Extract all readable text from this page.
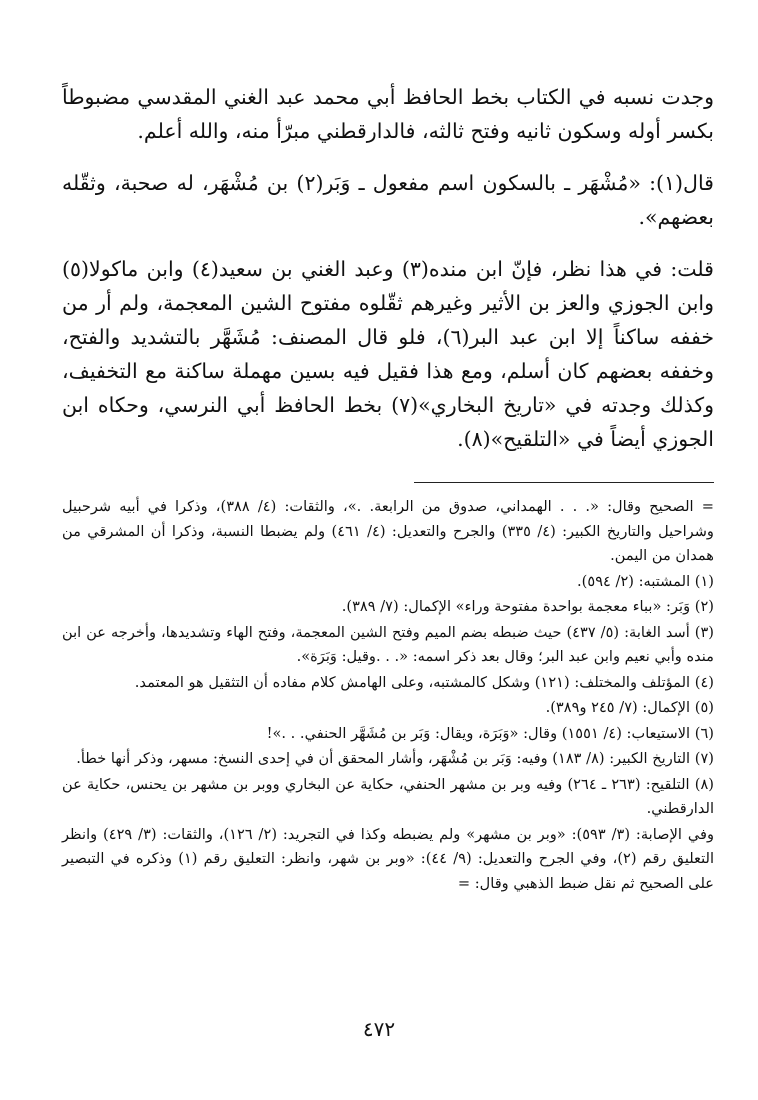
وجدت نسبه في الكتاب بخط الحافظ أبي محمد عبد الغني المقدسي مضبوطاً بكسر أوله وسكون ثانيه وفتح ثالثه، فالدارقطني مبرّأ منه، والله أعلم.

قال(١): «مُشْهَر ـ بالسكون اسم مفعول ـ وَبَر(٢) بن مُشْهَر، له صحبة، وثقّله بعضهم».

قلت: في هذا نظر، فإنّ ابن منده(٣) وعبد الغني بن سعيد(٤) وابن ماكولا(٥) وابن الجوزي والعز بن الأثير وغيرهم ثقّلوه مفتوح الشين المعجمة، ولم أر من خففه ساكناً إلا ابن عبد البر(٦)، فلو قال المصنف: مُشَهَّر بالتشديد والفتح، وخففه بعضهم كان أسلم، ومع هذا فقيل فيه بسين مهملة ساكنة مع التخفيف، وكذلك وجدته في «تاريخ البخاري»(٧) بخط الحافظ أبي النرسي، وحكاه ابن الجوزي أيضاً في «التلقيح»(٨).

= الصحيح وقال: «. . . الهمداني، صدوق من الرابعة. .»، والثقات: (٤/ ٣٨٨)، وذكرا في أبيه شرحبيل وشراحيل والتاريخ الكبير: (٤/ ٣٣٥) والجرح والتعديل: (٤/ ٤٦١) ولم يضبطا النسبة، وذكرا أن المشرقي من همدان من اليمن.

(١) المشتبه: (٢/ ٥٩٤).

(٢) وَبَر: «بباء معجمة بواحدة مفتوحة وراء» الإكمال: (٧/ ٣٨٩).

(٣) أسد الغابة: (٥/ ٤٣٧) حيث ضبطه بضم الميم وفتح الشين المعجمة، وفتح الهاء وتشديدها، وأخرجه عن ابن منده وأبي نعيم وابن عبد البر؛ وقال بعد ذكر اسمه: «. . .وقيل: وَبَرَة».

(٤) المؤتلف والمختلف: (١٢١) وشكل كالمشتبه، وعلى الهامش كلام مفاده أن التثقيل هو المعتمد.

(٥) الإكمال: (٧/ ٢٤٥ و٣٨٩).

(٦) الاستيعاب: (٤/ ١٥٥١) وقال: «وَبَرَة، ويقال: وَبَر بن مُشَهَّر الحنفي. . .»!

(٧) التاريخ الكبير: (٨/ ١٨٣) وفيه: وَبَر بن مُشْهَر، وأشار المحقق أن في إحدى النسخ: مسهر، وذكر أنها خطأ.

(٨) التلقيح: (٢٦٣ ـ ٢٦٤) وفيه وبر بن مشهر الحنفي، حكاية عن البخاري ووبر بن مشهر بن يحنس، حكاية عن الدارقطني.

وفي الإصابة: (٣/ ٥٩٣): «وبر بن مشهر» ولم يضبطه وكذا في التجريد: (٢/ ١٢٦)، والثقات: (٣/ ٤٢٩) وانظر التعليق رقم (٢)، وفي الجرح والتعديل: (٩/ ٤٤): «وبر بن شهر، وانظر: التعليق رقم (١) وذكره في التبصير على الصحيح ثم نقل ضبط الذهبي وقال: =

٤٧٢
